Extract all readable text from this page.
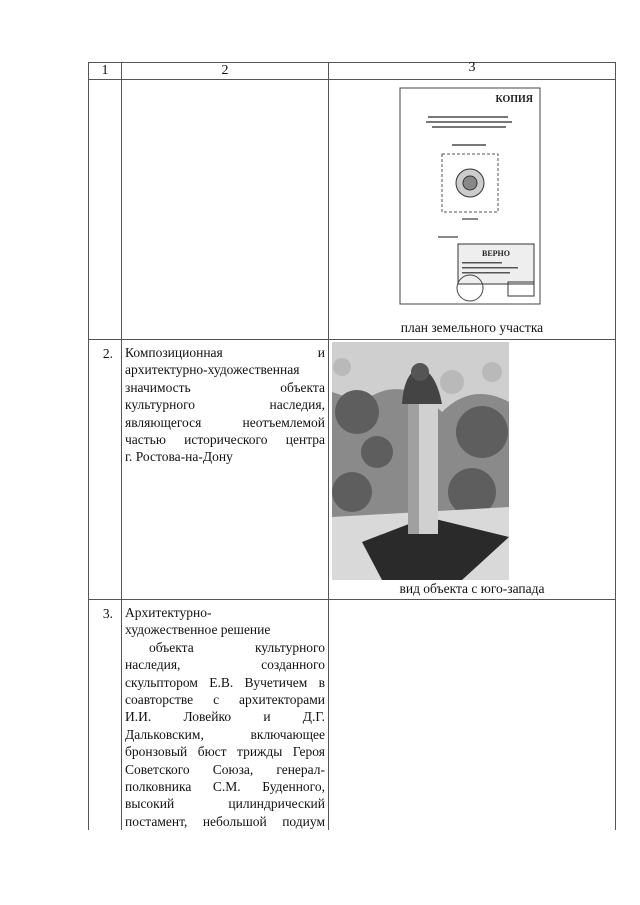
1	2	3
КОПИЯ
ВЕРНО
план земельного участка
2. Композиционная и
архитектурно-художественная
значимость объекта
культурного наследия,
являющегося неотъемлемой
частью исторического центра
г. Ростова-на-Дону
вид объекта с юго-запада
3. Архитектурно-
художественное решение
объекта культурного
наследия, созданного
скульптором Е.В. Вучетичем в
соавторстве с архитекторами
И.И. Ловейко и Д.Г.
Дальковским, включающее
бронзовый бюст трижды Героя
Советского Союза, генерал-
полковника С.М. Буденного,
высокий цилиндрический
постамент, небольшой подиум
